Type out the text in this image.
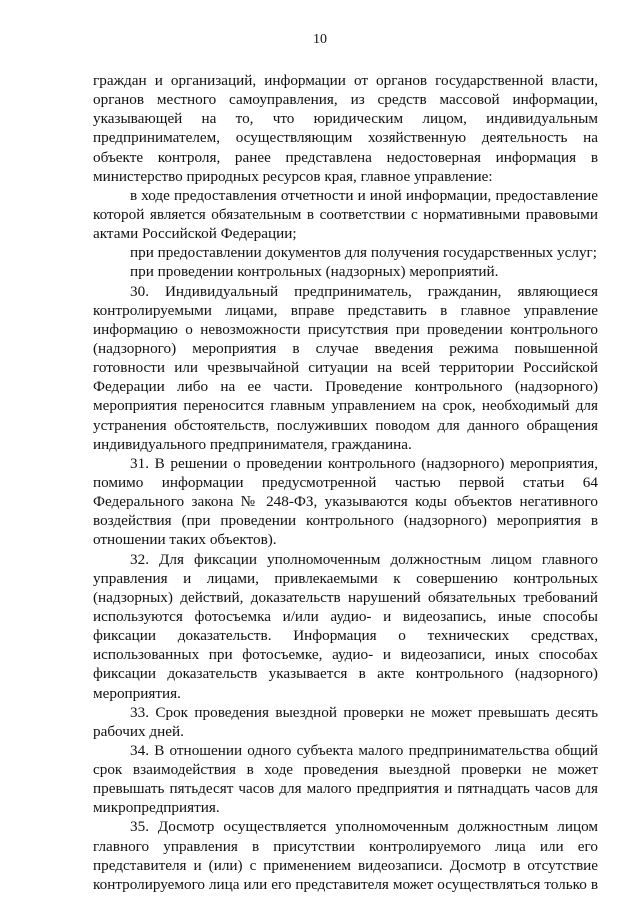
10
граждан и организаций, информации от органов государственной власти,
органов местного самоуправления, из средств массовой информации,
указывающей на то, что юридическим лицом, индивидуальным
предпринимателем, осуществляющим хозяйственную деятельность на
объекте контроля, ранее представлена недостоверная информация в
министерство природных ресурсов края, главное управление:
в ходе предоставления отчетности и иной информации, предоставление
которой является обязательным в соответствии с нормативными правовыми
актами Российской Федерации;
при предоставлении документов для получения государственных услуг;
при проведении контрольных (надзорных) мероприятий.
30. Индивидуальный предприниматель, гражданин, являющиеся
контролируемыми лицами, вправе представить в главное управление
информацию о невозможности присутствия при проведении контрольного
(надзорного) мероприятия в случае введения режима повышенной
готовности или чрезвычайной ситуации на всей территории Российской
Федерации либо на ее части. Проведение контрольного (надзорного)
мероприятия переносится главным управлением на срок, необходимый для
устранения обстоятельств, послуживших поводом для данного обращения
индивидуального предпринимателя, гражданина.
31. В решении о проведении контрольного (надзорного) мероприятия,
помимо информации предусмотренной частью первой статьи 64
Федерального закона № 248-ФЗ, указываются коды объектов негативного
воздействия (при проведении контрольного (надзорного) мероприятия в
отношении таких объектов).
32. Для фиксации уполномоченным должностным лицом главного
управления и лицами, привлекаемыми к совершению контрольных
(надзорных) действий, доказательств нарушений обязательных требований
используются фотосъемка и/или аудио- и видеозапись, иные способы
фиксации доказательств. Информация о технических средствах,
использованных при фотосъемке, аудио- и видеозаписи, иных способах
фиксации доказательств указывается в акте контрольного (надзорного)
мероприятия.
33. Срок проведения выездной проверки не может превышать десять
рабочих дней.
34. В отношении одного субъекта малого предпринимательства общий
срок взаимодействия в ходе проведения выездной проверки не может
превышать пятьдесят часов для малого предприятия и пятнадцать часов для
микропредприятия.
35. Досмотр осуществляется уполномоченным должностным лицом
главного управления в присутствии контролируемого лица или его
представителя и (или) с применением видеозаписи. Досмотр в отсутствие
контролируемого лица или его представителя может осуществляться только в
